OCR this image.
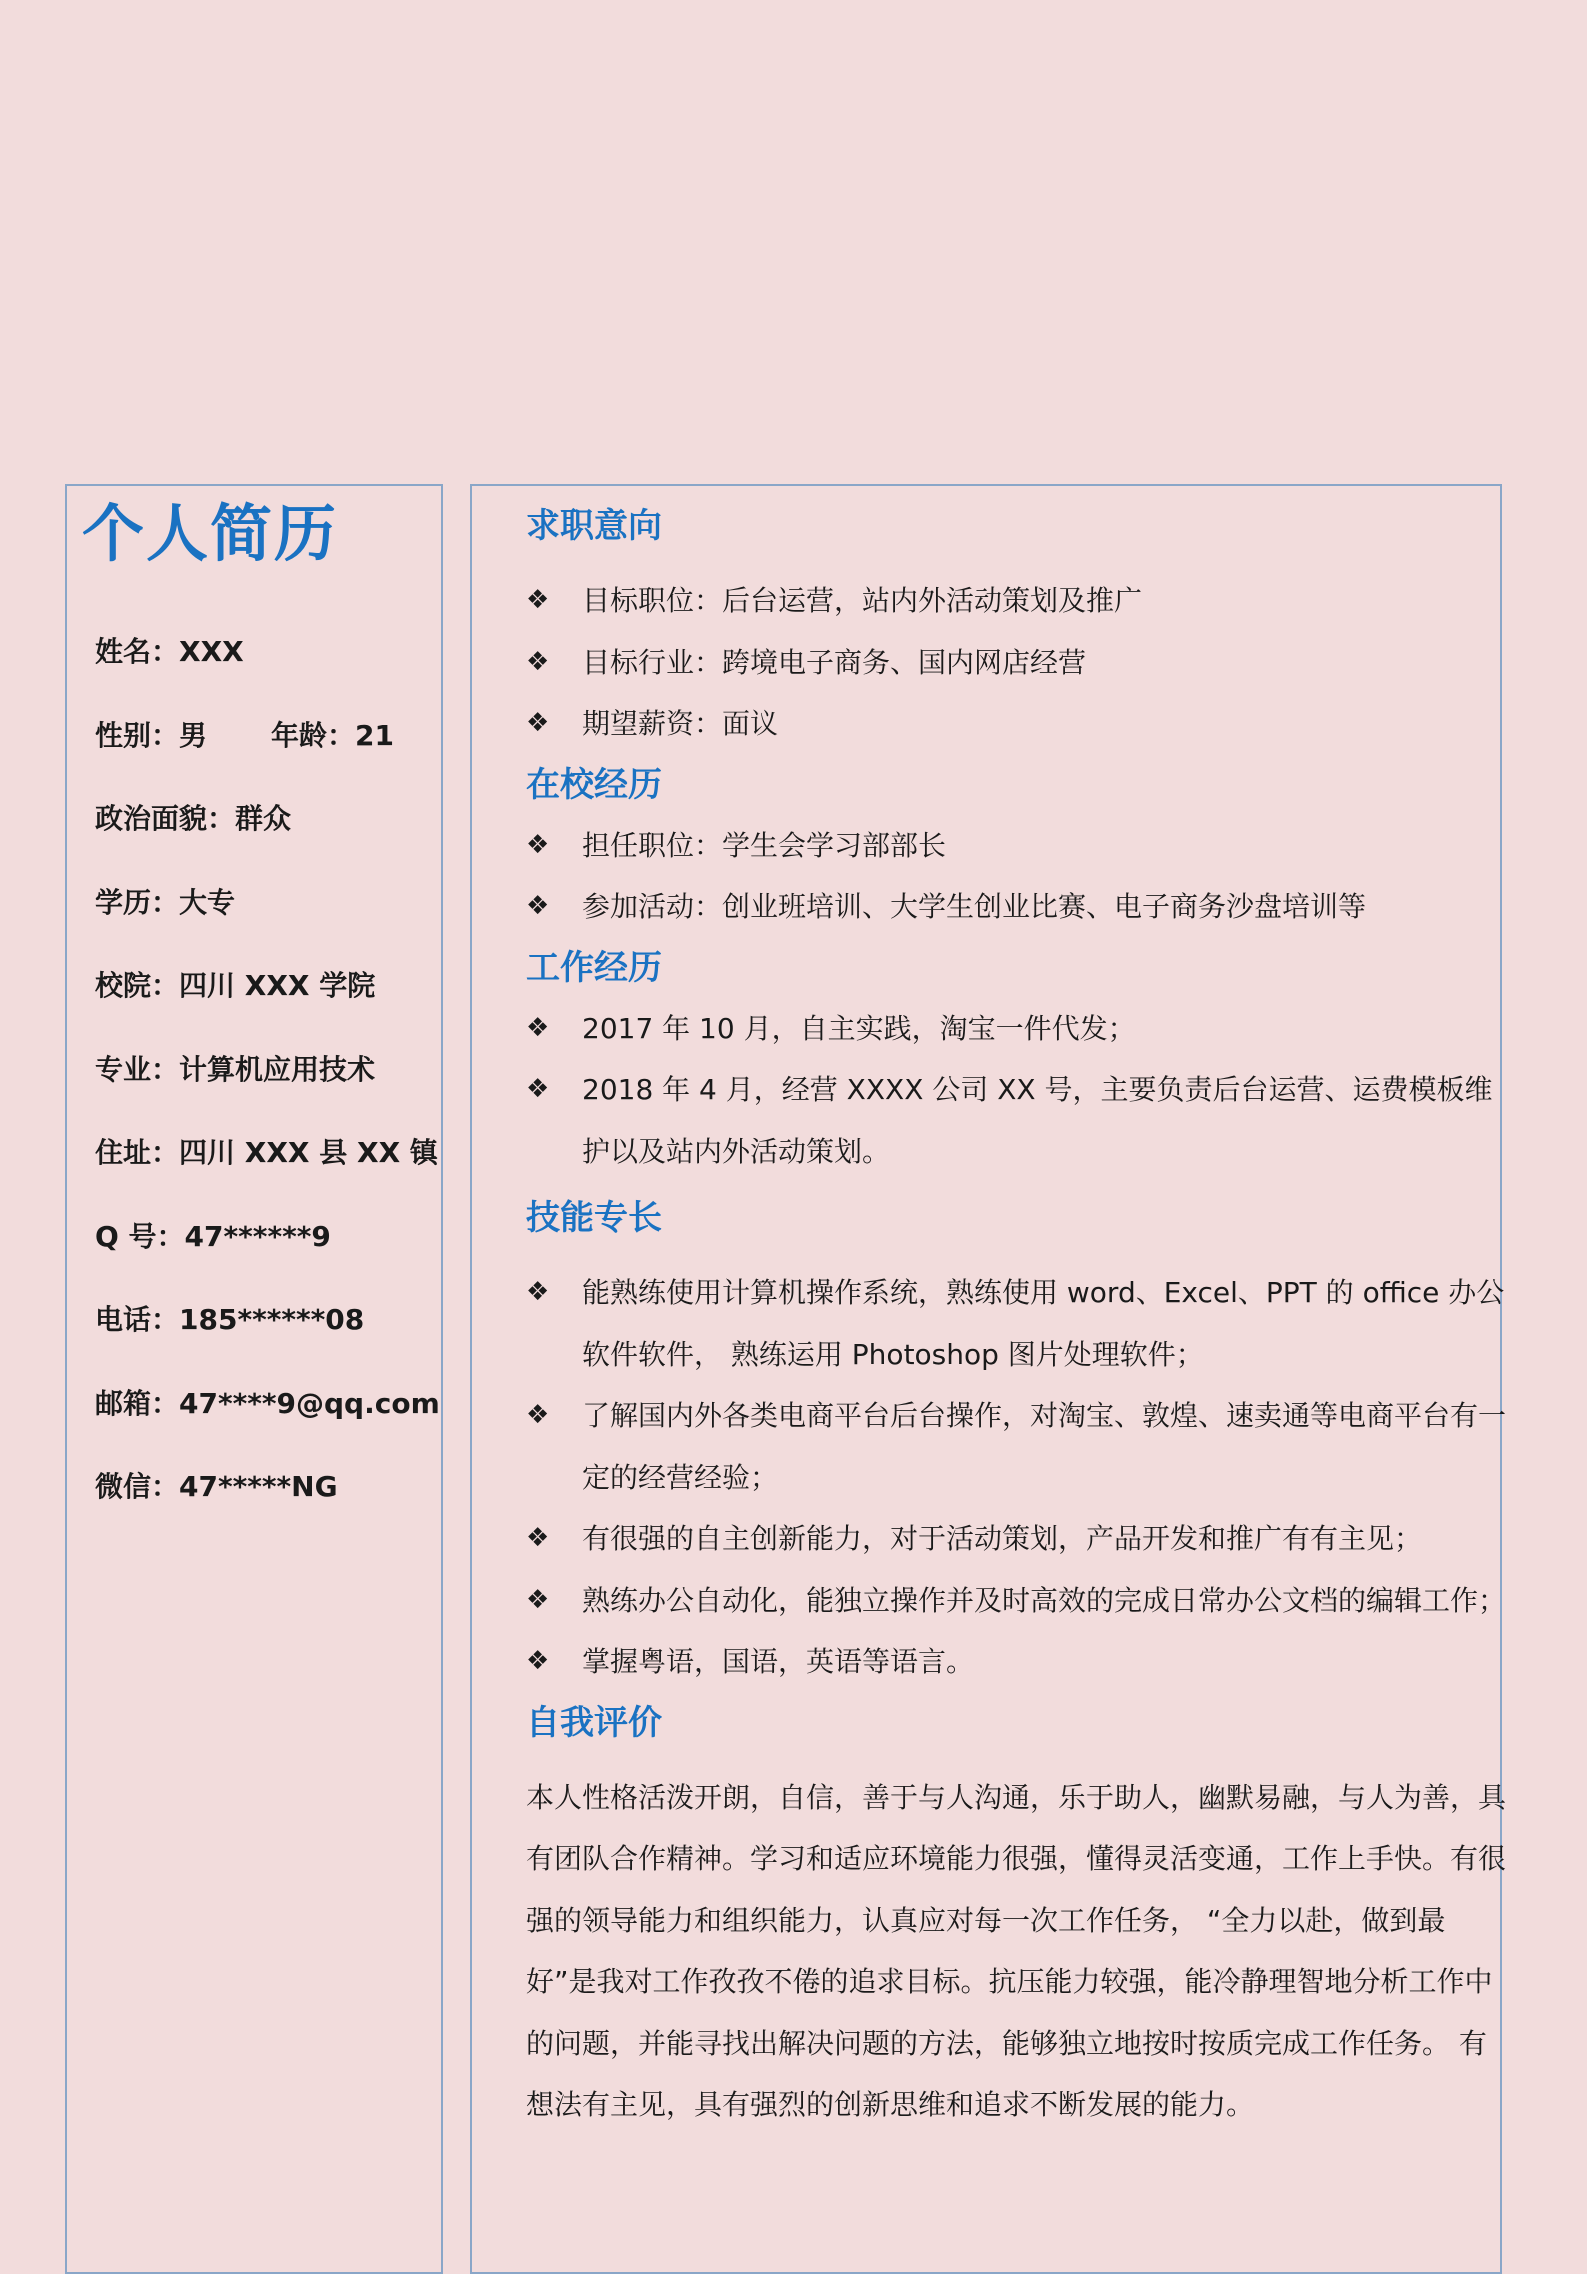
个人简历
姓名：XXX
性别：男 年龄：21
政治面貌：群众
学历：大专
校院：四川 XXX 学院
专业：计算机应用技术
住址：四川 XXX 县 XX 镇
Q 号：47******9
电话：185******08
邮箱：47****9@qq.com
微信：47*****NG
求职意向
❖ 目标职位：后台运营，站内外活动策划及推广
❖ 目标行业：跨境电子商务、国内网店经营
❖ 期望薪资：面议
在校经历
❖ 担任职位：学生会学习部部长
❖ 参加活动：创业班培训、大学生创业比赛、电子商务沙盘培训等
工作经历
❖ 2017 年 10 月，自主实践，淘宝一件代发；
❖ 2018 年 4 月，经营 XXXX 公司 XX 号，主要负责后台运营、运费模板维护以及站内外活动策划。
技能专长
❖ 能熟练使用计算机操作系统，熟练使用 word、Excel、PPT 的 office 办公软件软件， 熟练运用 Photoshop 图片处理软件；
❖ 了解国内外各类电商平台后台操作，对淘宝、敦煌、速卖通等电商平台有一定的经营经验；
❖ 有很强的自主创新能力，对于活动策划，产品开发和推广有有主见；
❖ 熟练办公自动化，能独立操作并及时高效的完成日常办公文档的编辑工作；
❖ 掌握粤语，国语，英语等语言。
自我评价

本人性格活泼开朗，自信，善于与人沟通，乐于助人，幽默易融，与人为善，具有团队合作精神。学习和适应环境能力很强，懂得灵活变通，工作上手快。有很强的领导能力和组织能力，认真应对每一次工作任务， “全力以赴，做到最好”是我对工作孜孜不倦的追求目标。抗压能力较强，能冷静理智地分析工作中的问题，并能寻找出解决问题的方法，能够独立地按时按质完成工作任务。 有想法有主见，具有强烈的创新思维和追求不断发展的能力。
